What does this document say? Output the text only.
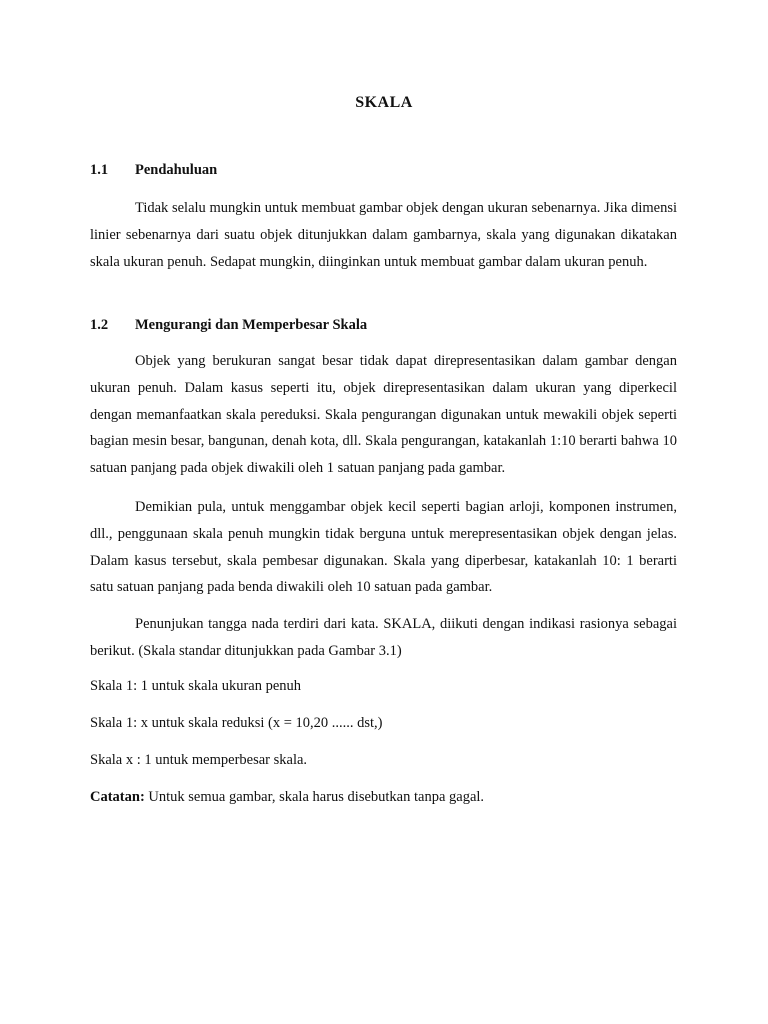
SKALA
1.1 Pendahuluan
Tidak selalu mungkin untuk membuat gambar objek dengan ukuran sebenarnya. Jika dimensi linier sebenarnya dari suatu objek ditunjukkan dalam gambarnya, skala yang digunakan dikatakan skala ukuran penuh. Sedapat mungkin, diinginkan untuk membuat gambar dalam ukuran penuh.
1.2 Mengurangi dan Memperbesar Skala
Objek yang berukuran sangat besar tidak dapat direpresentasikan dalam gambar dengan ukuran penuh. Dalam kasus seperti itu, objek direpresentasikan dalam ukuran yang diperkecil dengan memanfaatkan skala pereduksi. Skala pengurangan digunakan untuk mewakili objek seperti bagian mesin besar, bangunan, denah kota, dll. Skala pengurangan, katakanlah 1:10 berarti bahwa 10 satuan panjang pada objek diwakili oleh 1 satuan panjang pada gambar.
Demikian pula, untuk menggambar objek kecil seperti bagian arloji, komponen instrumen, dll., penggunaan skala penuh mungkin tidak berguna untuk merepresentasikan objek dengan jelas. Dalam kasus tersebut, skala pembesar digunakan. Skala yang diperbesar, katakanlah 10: 1 berarti satu satuan panjang pada benda diwakili oleh 10 satuan pada gambar.
Penunjukan tangga nada terdiri dari kata. SKALA, diikuti dengan indikasi rasionya sebagai berikut. (Skala standar ditunjukkan pada Gambar 3.1)
Skala 1: 1 untuk skala ukuran penuh
Skala 1: x untuk skala reduksi (x = 10,20 ...... dst,)
Skala x : 1 untuk memperbesar skala.
Catatan: Untuk semua gambar, skala harus disebutkan tanpa gagal.
